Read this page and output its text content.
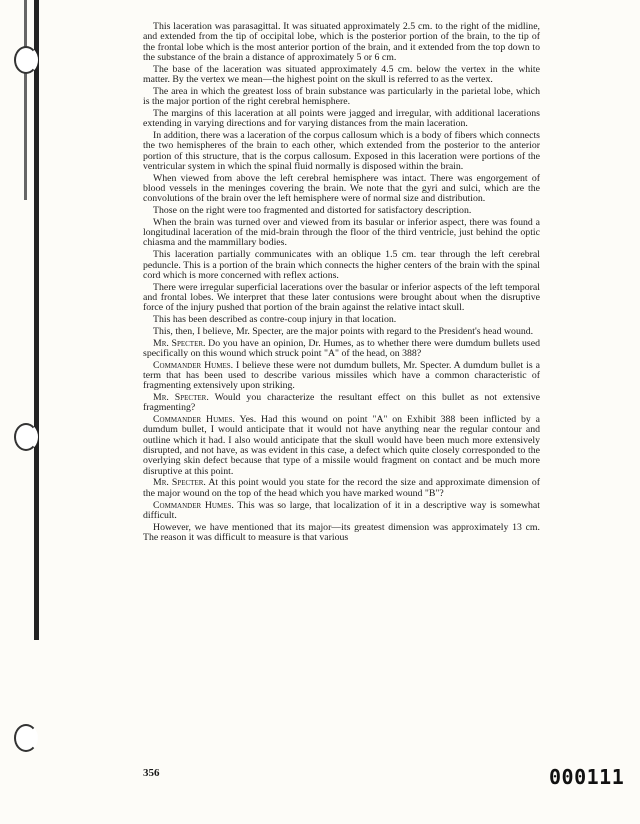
This laceration was parasagittal. It was situated approximately 2.5 cm. to the right of the midline, and extended from the tip of occipital lobe, which is the posterior portion of the brain, to the tip of the frontal lobe which is the most anterior portion of the brain, and it extended from the top down to the substance of the brain a distance of approximately 5 or 6 cm.

The base of the laceration was situated approximately 4.5 cm. below the vertex in the white matter. By the vertex we mean—the highest point on the skull is referred to as the vertex.

The area in which the greatest loss of brain substance was particularly in the parietal lobe, which is the major portion of the right cerebral hemisphere.

The margins of this laceration at all points were jagged and irregular, with additional lacerations extending in varying directions and for varying distances from the main laceration.

In addition, there was a laceration of the corpus callosum which is a body of fibers which connects the two hemispheres of the brain to each other, which extended from the posterior to the anterior portion of this structure, that is the corpus callosum. Exposed in this laceration were portions of the ventricular system in which the spinal fluid normally is disposed within the brain.

When viewed from above the left cerebral hemisphere was intact. There was engorgement of blood vessels in the meninges covering the brain. We note that the gyri and sulci, which are the convolutions of the brain over the left hemisphere were of normal size and distribution.

Those on the right were too fragmented and distorted for satisfactory description.

When the brain was turned over and viewed from its basular or inferior aspect, there was found a longitudinal laceration of the mid-brain through the floor of the third ventricle, just behind the optic chiasma and the mammillary bodies.

This laceration partially communicates with an oblique 1.5 cm. tear through the left cerebral peduncle. This is a portion of the brain which connects the higher centers of the brain with the spinal cord which is more concerned with reflex actions.

There were irregular superficial lacerations over the basular or inferior aspects of the left temporal and frontal lobes. We interpret that these later contusions were brought about when the disruptive force of the injury pushed that portion of the brain against the relative intact skull.

This has been described as contre-coup injury in that location.

This, then, I believe, Mr. Specter, are the major points with regard to the President's head wound.

Mr. Specter. Do you have an opinion, Dr. Humes, as to whether there were dumdum bullets used specifically on this wound which struck point "A" of the head, on 388?

Commander Humes. I believe these were not dumdum bullets, Mr. Specter. A dumdum bullet is a term that has been used to describe various missiles which have a common characteristic of fragmenting extensively upon striking.

Mr. Specter. Would you characterize the resultant effect on this bullet as not extensive fragmenting?

Commander Humes. Yes. Had this wound on point "A" on Exhibit 388 been inflicted by a dumdum bullet, I would anticipate that it would not have anything near the regular contour and outline which it had. I also would anticipate that the skull would have been much more extensively disrupted, and not have, as was evident in this case, a defect which quite closely corresponded to the overlying skin defect because that type of a missile would fragment on contact and be much more disruptive at this point.

Mr. Specter. At this point would you state for the record the size and approximate dimension of the major wound on the top of the head which you have marked wound "B"?

Commander Humes. This was so large, that localization of it in a descriptive way is somewhat difficult.

However, we have mentioned that its major—its greatest dimension was approximately 13 cm. The reason it was difficult to measure is that various

356	000111
